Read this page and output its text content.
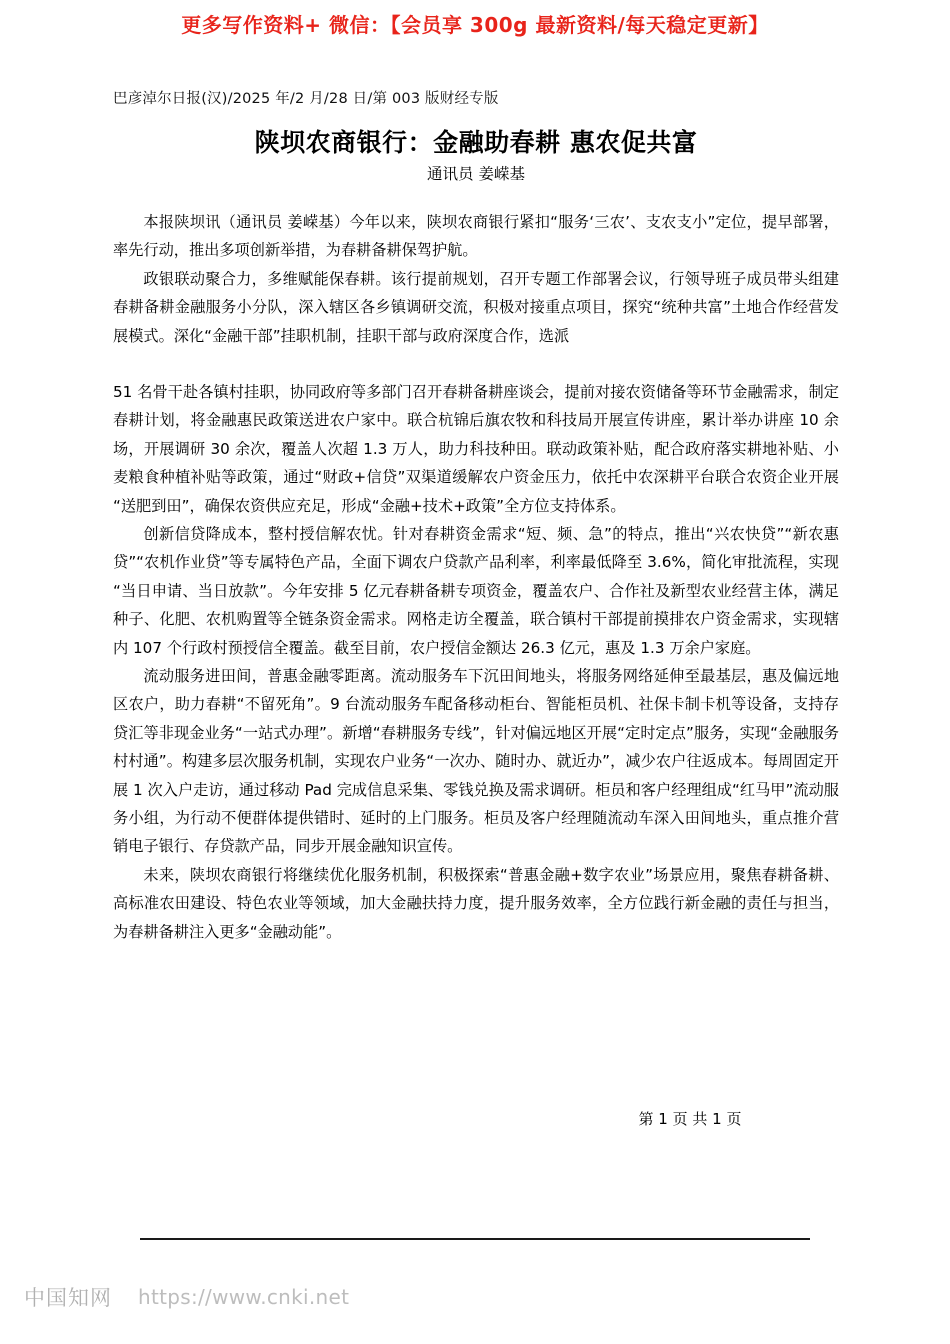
更多写作资料+ 微信：【会员享 300g 最新资料/每天稳定更新】
巴彦淖尔日报(汉)/2025 年/2 月/28 日/第 003 版财经专版
陕坝农商银行：金融助春耕 惠农促共富
通讯员 姜嵘基

本报陕坝讯（通讯员 姜嵘基）今年以来，陕坝农商银行紧扣“服务‘三农’、支农支小”定位，提早部署，率先行动，推出多项创新举措，为春耕备耕保驾护航。

政银联动聚合力，多维赋能保春耕。该行提前规划，召开专题工作部署会议，行领导班子成员带头组建春耕备耕金融服务小分队，深入辖区各乡镇调研交流，积极对接重点项目，探究“统种共富”土地合作经营发展模式。深化“金融干部”挂职机制，挂职干部与政府深度合作，选派

51 名骨干赴各镇村挂职，协同政府等多部门召开春耕备耕座谈会，提前对接农资储备等环节金融需求，制定春耕计划，将金融惠民政策送进农户家中。联合杭锦后旗农牧和科技局开展宣传讲座，累计举办讲座 10 余场，开展调研 30 余次，覆盖人次超 1.3 万人，助力科技种田。联动政策补贴，配合政府落实耕地补贴、小麦粮食种植补贴等政策，通过“财政+信贷”双渠道缓解农户资金压力，依托中农深耕平台联合农资企业开展“送肥到田”，确保农资供应充足，形成“金融+技术+政策”全方位支持体系。

创新信贷降成本，整村授信解农忧。针对春耕资金需求“短、频、急”的特点，推出“兴农快贷”“新农惠贷”“农机作业贷”等专属特色产品，全面下调农户贷款产品利率，利率最低降至 3.6%，简化审批流程，实现“当日申请、当日放款”。今年安排 5 亿元春耕备耕专项资金，覆盖农户、合作社及新型农业经营主体，满足种子、化肥、农机购置等全链条资金需求。网格走访全覆盖，联合镇村干部提前摸排农户资金需求，实现辖内 107 个行政村预授信全覆盖。截至目前，农户授信金额达 26.3 亿元，惠及 1.3 万余户家庭。

流动服务进田间，普惠金融零距离。流动服务车下沉田间地头，将服务网络延伸至最基层，惠及偏远地区农户，助力春耕“不留死角”。9 台流动服务车配备移动柜台、智能柜员机、社保卡制卡机等设备，支持存贷汇等非现金业务“一站式办理”。新增“春耕服务专线”，针对偏远地区开展“定时定点”服务，实现“金融服务村村通”。构建多层次服务机制，实现农户业务“一次办、随时办、就近办”，减少农户往返成本。每周固定开展 1 次入户走访，通过移动 Pad 完成信息采集、零钱兑换及需求调研。柜员和客户经理组成“红马甲”流动服务小组，为行动不便群体提供错时、延时的上门服务。柜员及客户经理随流动车深入田间地头，重点推介营销电子银行、存贷款产品，同步开展金融知识宣传。

未来，陕坝农商银行将继续优化服务机制，积极探索“普惠金融+数字农业”场景应用，聚焦春耕备耕、高标准农田建设、特色农业等领域，加大金融扶持力度，提升服务效率，全方位践行新金融的责任与担当，为春耕备耕注入更多“金融动能”。

第 1 页 共 1 页
中国知网 https://www.cnki.net
